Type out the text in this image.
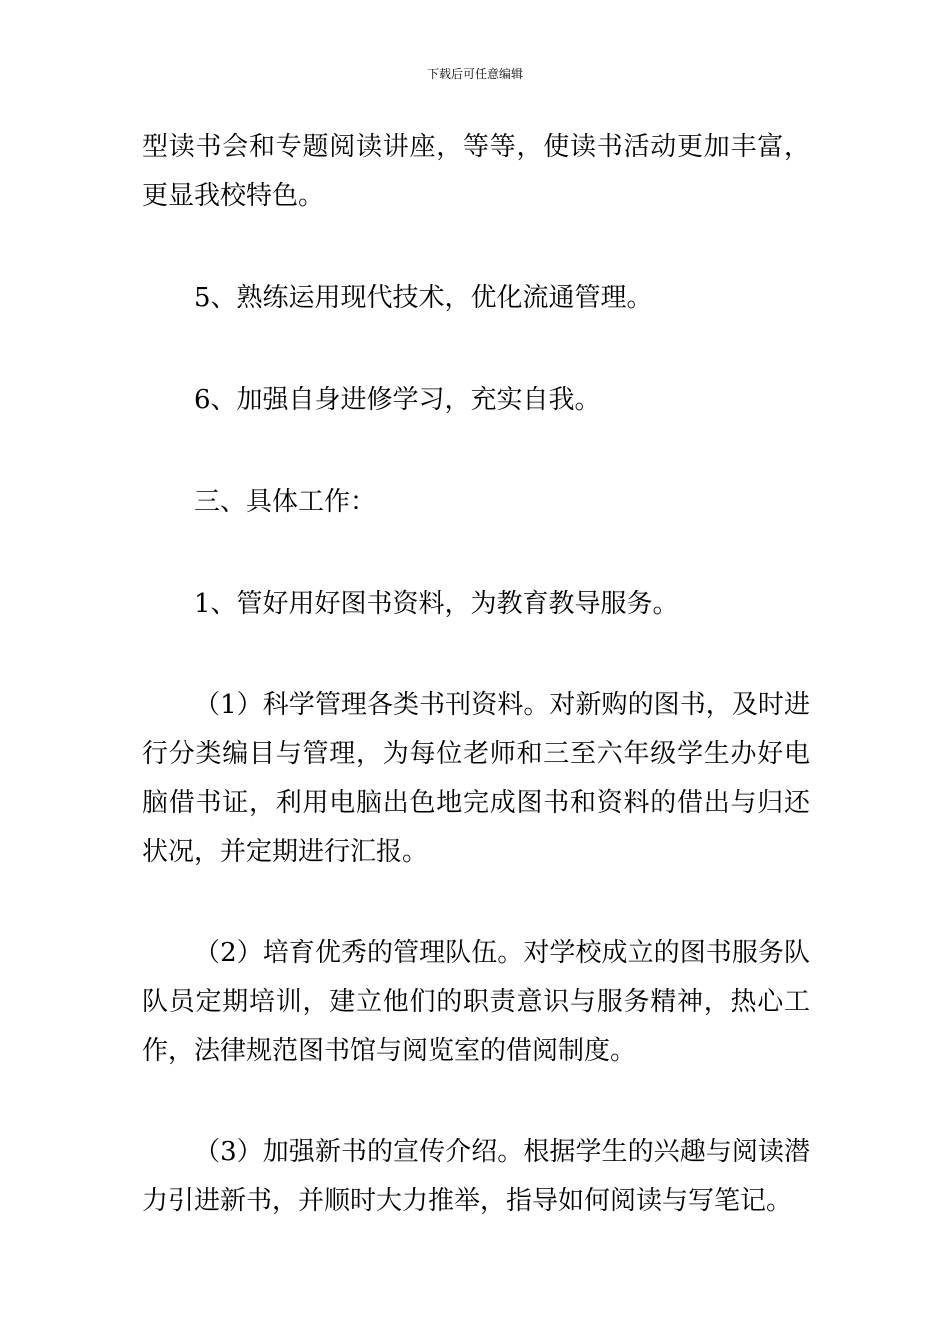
下载后可任意编辑

型读书会和专题阅读讲座，等等，使读书活动更加丰富，更显我校特色。

5、熟练运用现代技术，优化流通管理。

6、加强自身进修学习，充实自我。

三、具体工作：

1、管好用好图书资料，为教育教导服务。

（1）科学管理各类书刊资料。对新购的图书，及时进行分类编目与管理，为每位老师和三至六年级学生办好电脑借书证，利用电脑出色地完成图书和资料的借出与归还状况，并定期进行汇报。

（2）培育优秀的管理队伍。对学校成立的图书服务队队员定期培训，建立他们的职责意识与服务精神，热心工作，法律规范图书馆与阅览室的借阅制度。

（3）加强新书的宣传介绍。根据学生的兴趣与阅读潜力引进新书，并顺时大力推举，指导如何阅读与写笔记。
